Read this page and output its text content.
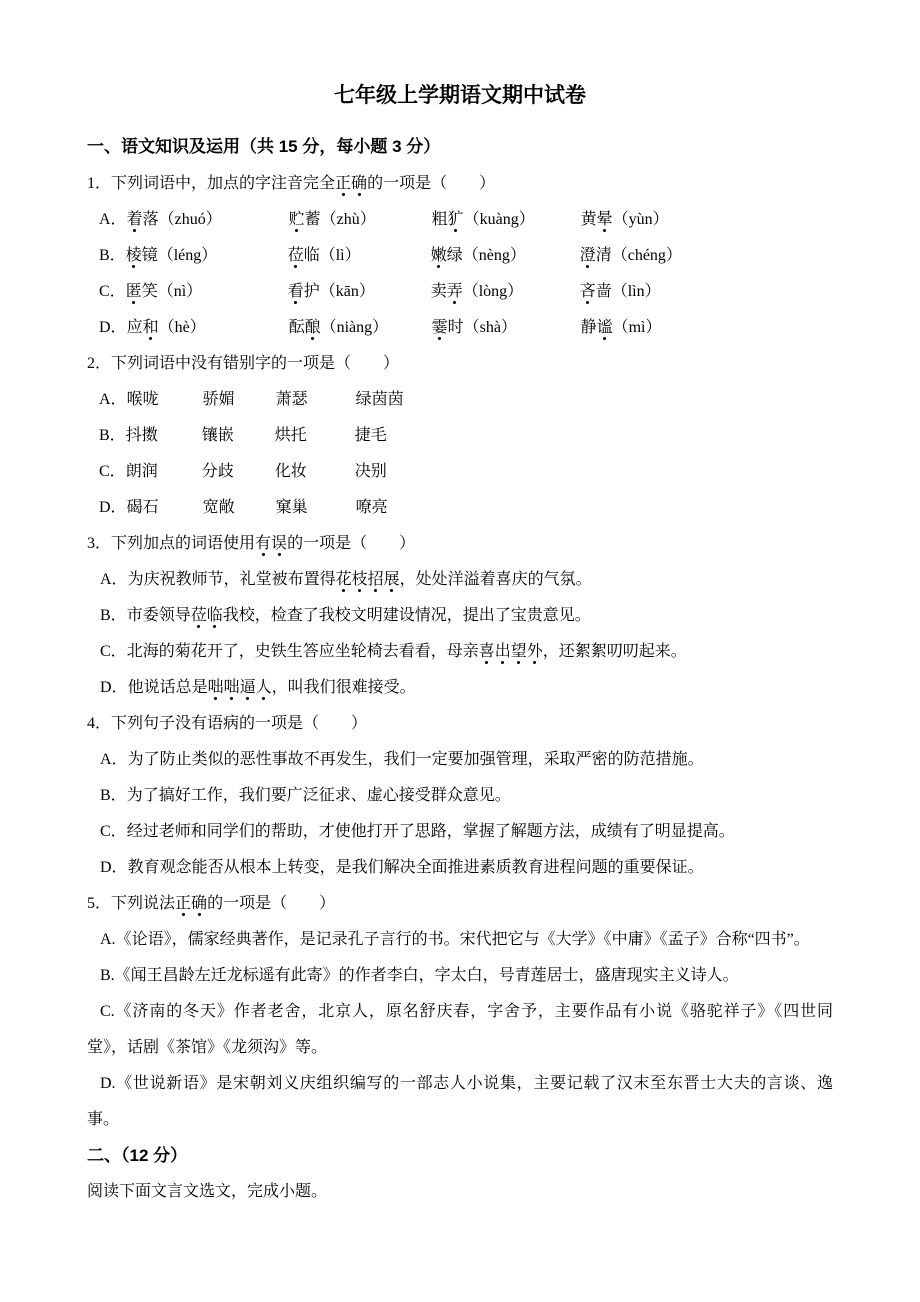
七年级上学期语文期中试卷
一、语文知识及运用（共 15 分，每小题 3 分）
1．下列词语中，加点的字注音完全正确的一项是（　　）
A．着落（zhuó）	贮蓄（zhù）	粗犷（kuàng）	黄晕（yùn）
B．棱镜（léng）	莅临（lì）	嫩绿（nèng）	澄清（chéng）
C．匿笑（nì）	看护（kān）	卖弄（lòng）	吝啬（lìn）
D．应和（hè）	酝酿（niàng）	霎时（shà）	静谧（mì）
2．下列词语中没有错别字的一项是（　　）
A．喉咙	骄媚	萧瑟	绿茵茵
B．抖擞	镶嵌	烘托	捷毛
C．朗润	分歧	化妆	决别
D．碣石	宽敞	窠巢	嘹亮
3．下列加点的词语使用有误的一项是（　　）

A．为庆祝教师节，礼堂被布置得花枝招展，处处洋溢着喜庆的气氛。

B．市委领导莅临我校，检查了我校文明建设情况，提出了宝贵意见。

C．北海的菊花开了，史铁生答应坐轮椅去看看，母亲喜出望外，还絮絮叨叨起来。

D．他说话总是咄咄逼人，叫我们很难接受。

4．下列句子没有语病的一项是（　　）

A．为了防止类似的恶性事故不再发生，我们一定要加强管理，采取严密的防范措施。

B．为了搞好工作，我们要广泛征求、虚心接受群众意见。

C．经过老师和同学们的帮助，才使他打开了思路，掌握了解题方法，成绩有了明显提高。

D．教育观念能否从根本上转变，是我们解决全面推进素质教育进程问题的重要保证。

5．下列说法正确的一项是（　　）

A.《论语》，儒家经典著作，是记录孔子言行的书。宋代把它与《大学》《中庸》《孟子》合称“四书”。

B.《闻王昌龄左迁龙标遥有此寄》的作者李白，字太白，号青莲居士，盛唐现实主义诗人。

C.《济南的冬天》作者老舍，北京人，原名舒庆春，字舍予，主要作品有小说《骆驼祥子》《四世同堂》，话剧《茶馆》《龙须沟》等。

D.《世说新语》是宋朝刘义庆组织编写的一部志人小说集，主要记载了汉末至东晋士大夫的言谈、逸事。

二、（12 分）

阅读下面文言文选文，完成小题。
